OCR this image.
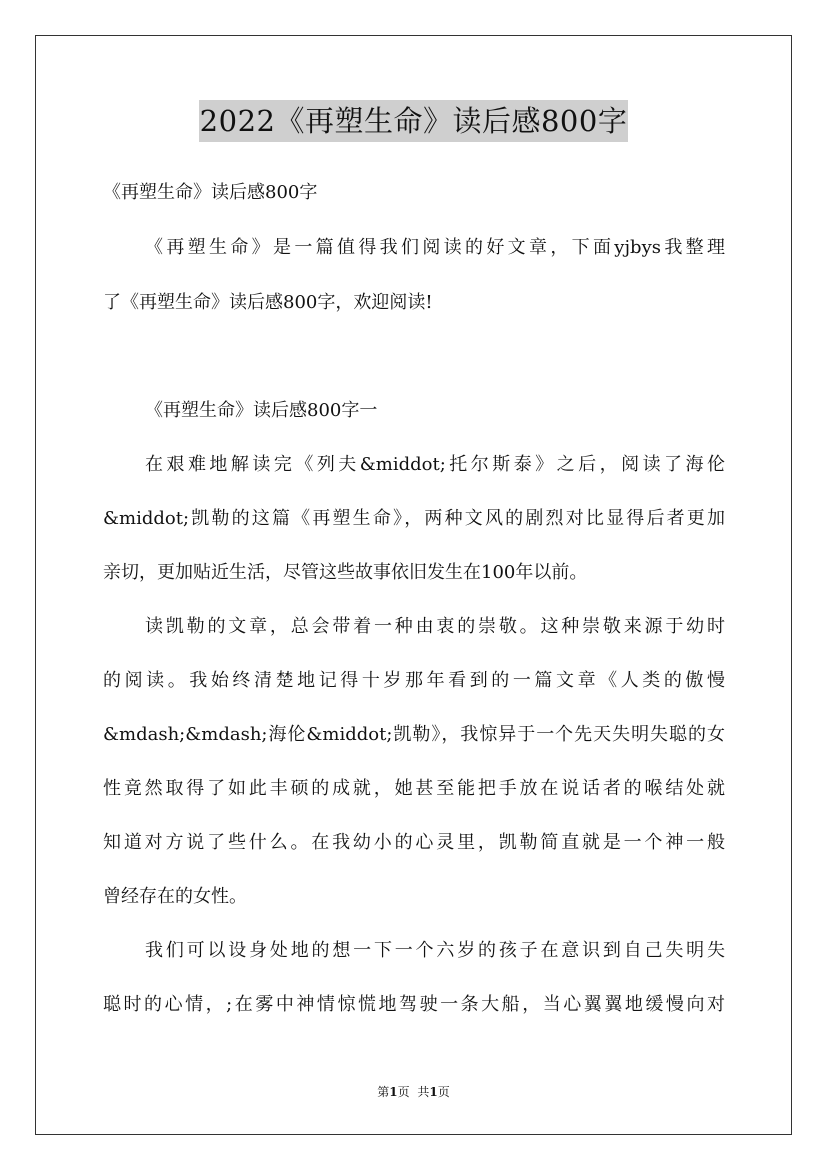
2022《再塑生命》读后感800字
《再塑生命》读后感800字
《再塑生命》是一篇值得我们阅读的好文章，下面yjbys我整理
了《再塑生命》读后感800字，欢迎阅读!
《再塑生命》读后感800字一
在艰难地解读完《列夫&middot;托尔斯泰》之后，阅读了海伦
&middot;凯勒的这篇《再塑生命》，两种文风的剧烈对比显得后者更加
亲切，更加贴近生活，尽管这些故事依旧发生在100年以前。
读凯勒的文章，总会带着一种由衷的崇敬。这种崇敬来源于幼时
的阅读。我始终清楚地记得十岁那年看到的一篇文章《人类的傲慢
&mdash;&mdash;海伦&middot;凯勒》，我惊异于一个先天失明失聪的女
性竟然取得了如此丰硕的成就，她甚至能把手放在说话者的喉结处就
知道对方说了些什么。在我幼小的心灵里，凯勒简直就是一个神一般
曾经存在的女性。
我们可以设身处地的想一下一个六岁的孩子在意识到自己失明失
聪时的心情，;在雾中神情惊慌地驾驶一条大船，当心翼翼地缓慢向对
第1页 共1页
